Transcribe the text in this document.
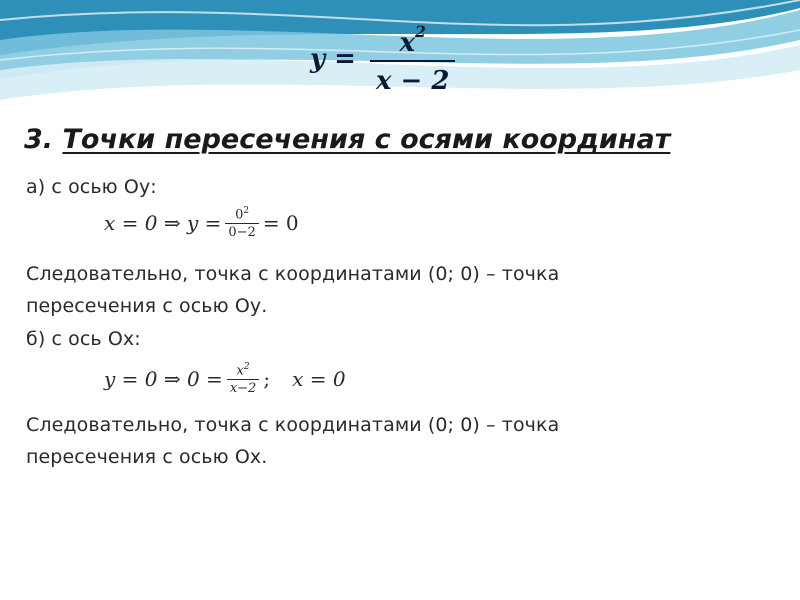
$y = \frac{x^2}{x - 2}$
3. Точки пересечения с осями координат
а) с осью Оу:
x = 0 ⇒ $y = \frac{0^2}{0-2} = 0$
Следовательно, точка с координатами (0; 0) – точка
пересечения с осью Оу.
б) с ось Ох:
y = 0 ⇒ $0 = \frac{x^2}{x-2}$ ; x = 0
Следовательно, точка с координатами (0; 0) – точка
пересечения с осью Ох.
